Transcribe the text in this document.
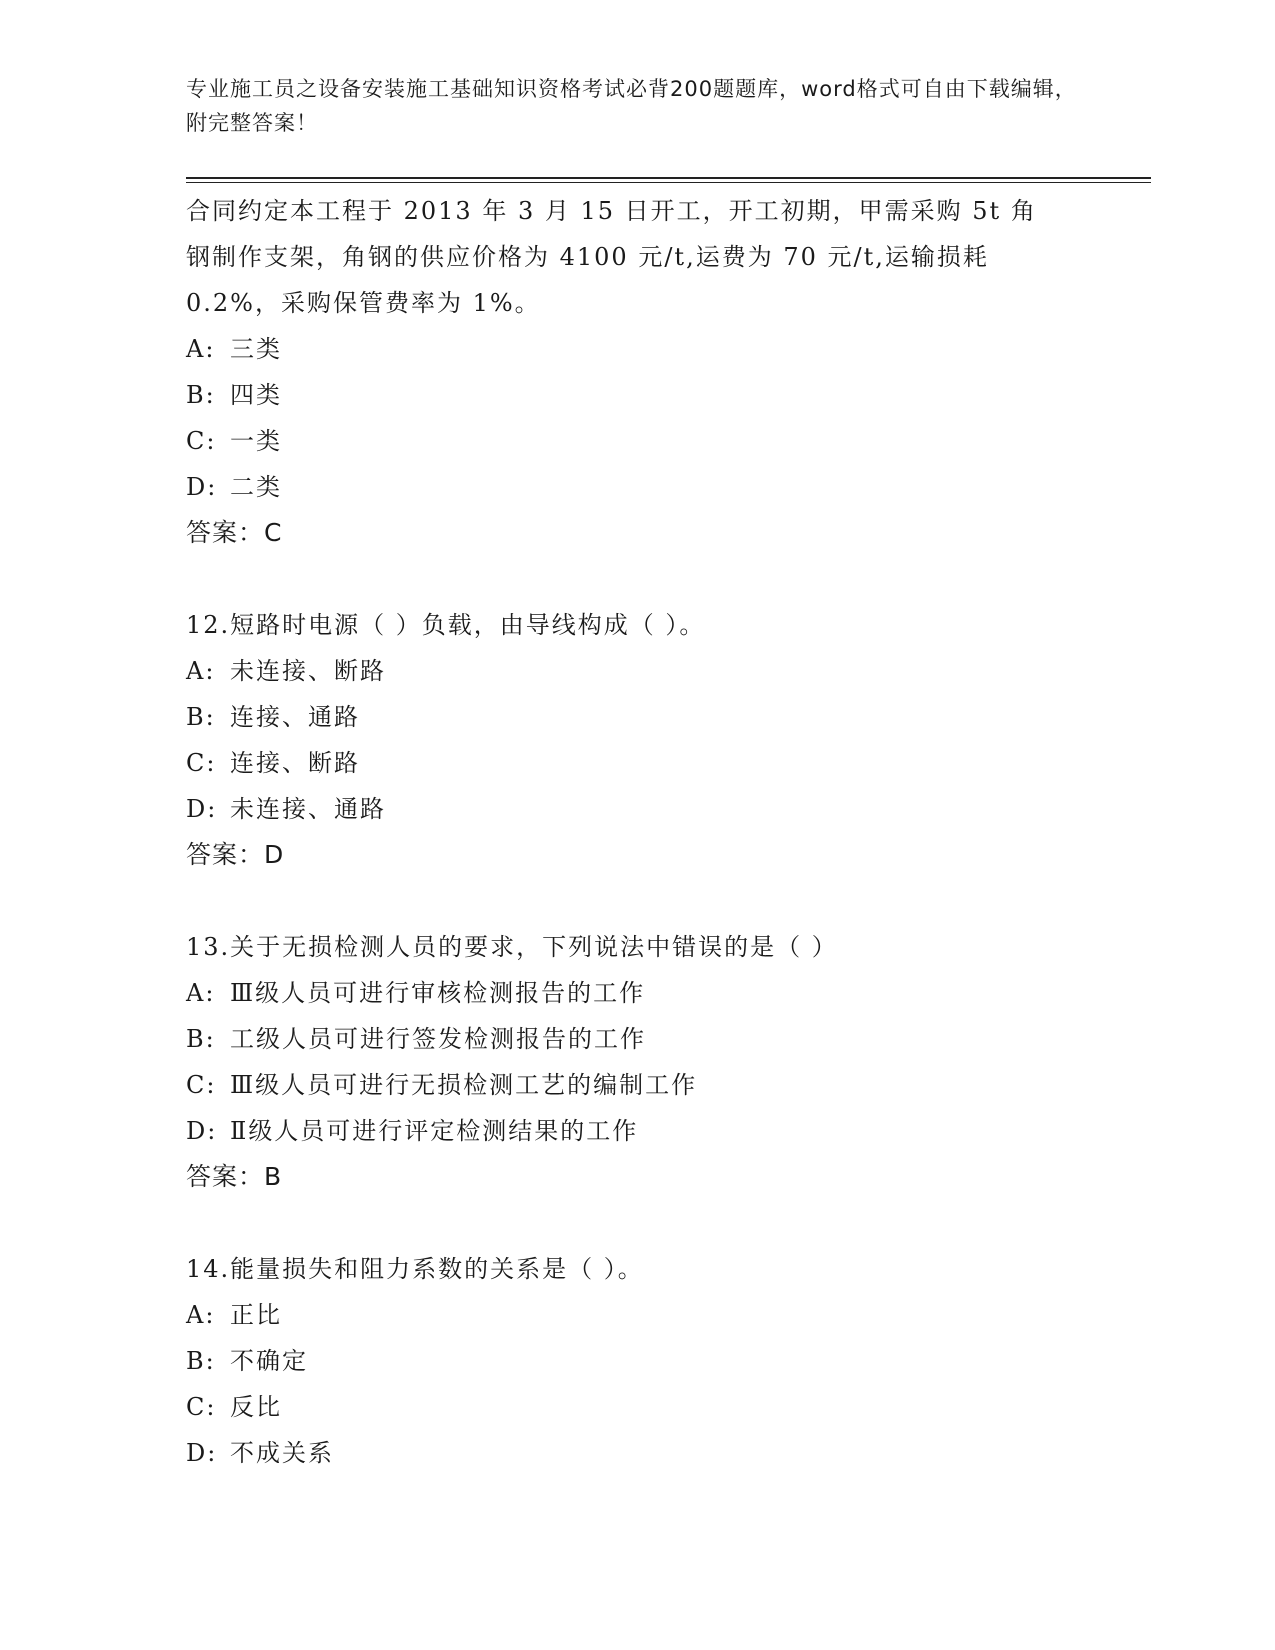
专业施工员之设备安装施工基础知识资格考试必背200题题库，word格式可自由下载编辑，附完整答案！
合同约定本工程于 2013 年 3 月 15 日开工，开工初期，甲需采购 5t 角
钢制作支架，角钢的供应价格为 4100 元/t,运费为 70 元/t,运输损耗
0.2%，采购保管费率为 1%。
A: 三类
B: 四类
C: 一类
D: 二类
答案：C
12.短路时电源（ ）负载，由导线构成（ ）。
A: 未连接、断路
B: 连接、通路
C: 连接、断路
D: 未连接、通路
答案：D
13.关于无损检测人员的要求，下列说法中错误的是（ ）
A: Ⅲ级人员可进行审核检测报告的工作
B: 工级人员可进行签发检测报告的工作
C: Ⅲ级人员可进行无损检测工艺的编制工作
D: Ⅱ级人员可进行评定检测结果的工作
答案：B
14.能量损失和阻力系数的关系是（ ）。
A: 正比
B: 不确定
C: 反比
D: 不成关系
